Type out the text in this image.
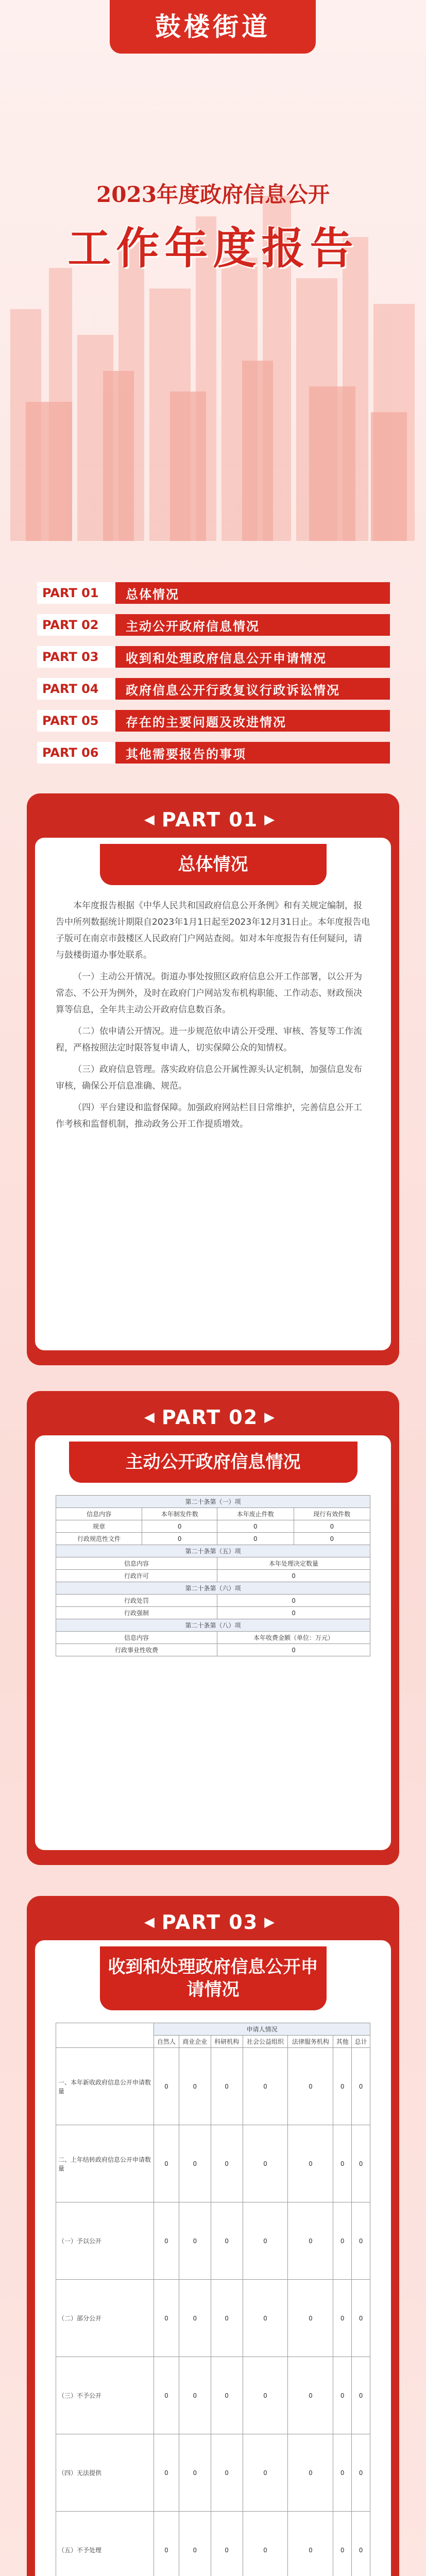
鼓楼街道
2023年度政府信息公开
工作年度报告
PART 01	总体情况
PART 02	主动公开政府信息情况
PART 03	收到和处理政府信息公开申请情况
PART 04	政府信息公开行政复议行政诉讼情况
PART 05	存在的主要问题及改进情况
PART 06	其他需要报告的事项
◀ PART 01 ▶
总体情况

本年度报告根据《中华人民共和国政府信息公开条例》和有关规定编制，报告中所列数据统计期限自2023年1月1日起至2023年12月31日止。本年度报告电子版可在南京市鼓楼区人民政府门户网站查阅。如对本年度报告有任何疑问，请与鼓楼街道办事处联系。

（一）主动公开情况。街道办事处按照区政府信息公开工作部署，以公开为常态、不公开为例外，及时在政府门户网站发布机构职能、工作动态、财政预决算等信息，全年共主动公开政府信息数百条。

（二）依申请公开情况。进一步规范依申请公开受理、审核、答复等工作流程，严格按照法定时限答复申请人，切实保障公众的知情权。

（三）政府信息管理。落实政府信息公开属性源头认定机制，加强信息发布审核，确保公开信息准确、规范。

（四）平台建设和监督保障。加强政府网站栏目日常维护，完善信息公开工作考核和监督机制，推动政务公开工作提质增效。

◀ PART 02 ▶
主动公开政府信息情况
第二十条第（一）项			
信息内容	本年制发件数	本年废止件数	现行有效件数
规章	0	0	0
行政规范性文件	0	0	0
第二十条第（五）项			
信息内容		本年处理决定数量	
行政许可		0	
第二十条第（六）项			
行政处罚		0	
行政强制		0	
第二十条第（八）项			
信息内容		本年收费金额（单位：万元）	
行政事业性收费		0	
◀ PART 03 ▶
收到和处理政府信息公开申请情况
	申请人情况						
	自然人	商业企业	科研机构	社会公益组织	法律服务机构	其他	总计
一、本年新收政府信息公开申请数量	0	0	0	0	0	0	0
二、上年结转政府信息公开申请数量	0	0	0	0	0	0	0
（一）予以公开	0	0	0	0	0	0	0
（二）部分公开	0	0	0	0	0	0	0
（三）不予公开	0	0	0	0	0	0	0
（四）无法提供	0	0	0	0	0	0	0
（五）不予处理	0	0	0	0	0	0	0
